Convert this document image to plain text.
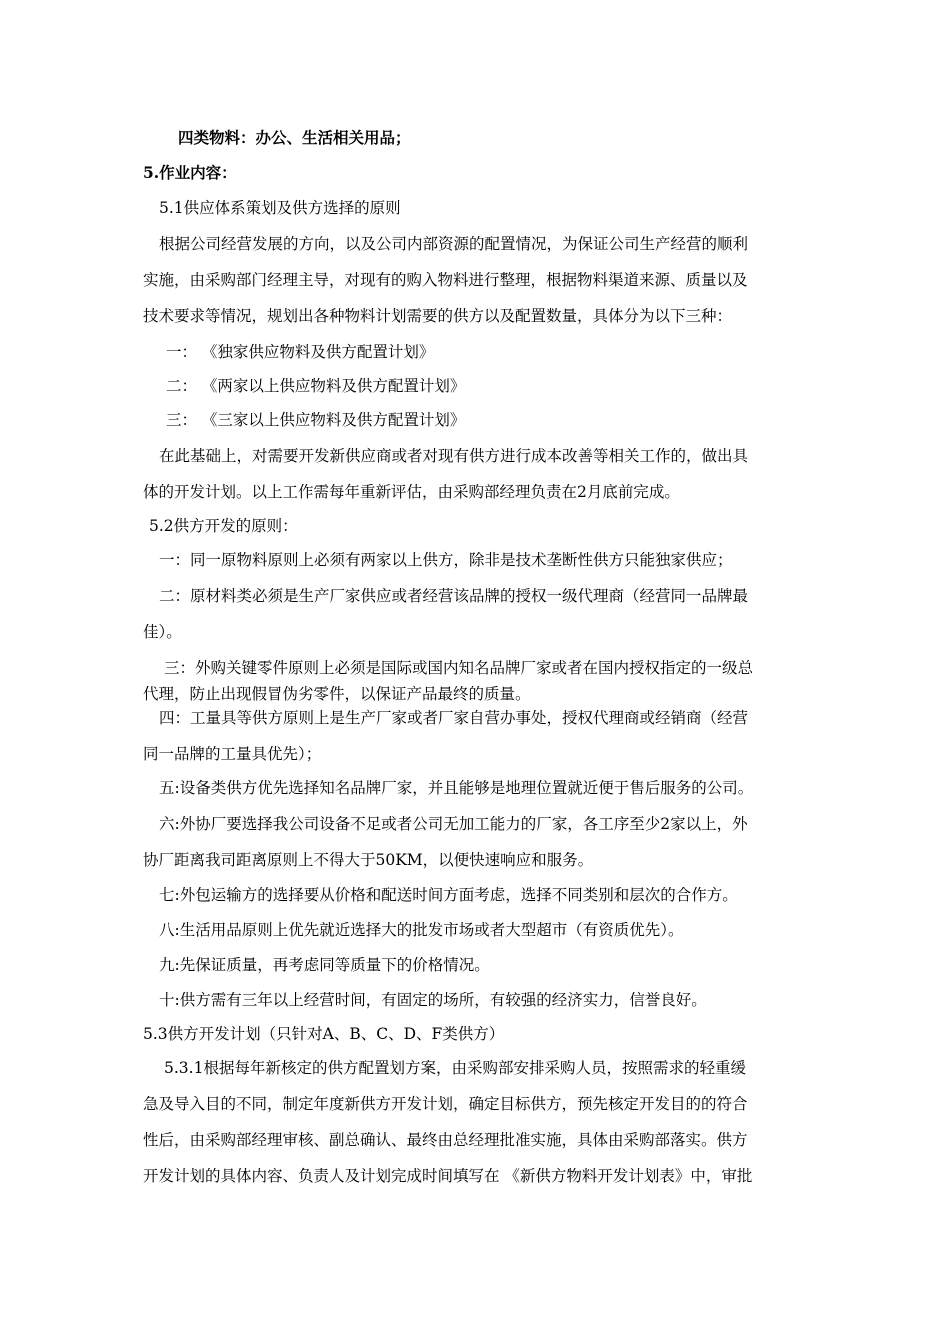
四类物料：办公、生活相关用品；
5.作业内容：
5.1供应体系策划及供方选择的原则
根据公司经营发展的方向，以及公司内部资源的配置情况，为保证公司生产经营的顺利
实施，由采购部门经理主导，对现有的购入物料进行整理，根据物料渠道来源、质量以及
技术要求等情况，规划出各种物料计划需要的供方以及配置数量，具体分为以下三种：
一： 《独家供应物料及供方配置计划》
二： 《两家以上供应物料及供方配置计划》
三： 《三家以上供应物料及供方配置计划》
在此基础上，对需要开发新供应商或者对现有供方进行成本改善等相关工作的，做出具
体的开发计划。以上工作需每年重新评估，由采购部经理负责在2月底前完成。
5.2供方开发的原则：
一：同一原物料原则上必须有两家以上供方，除非是技术垄断性供方只能独家供应；
二：原材料类必须是生产厂家供应或者经营该品牌的授权一级代理商（经营同一品牌最
佳）。
三：外购关键零件原则上必须是国际或国内知名品牌厂家或者在国内授权指定的一级总
代理，防止出现假冒伪劣零件，以保证产品最终的质量。
四：工量具等供方原则上是生产厂家或者厂家自营办事处，授权代理商或经销商（经营
同一品牌的工量具优先）；
五:设备类供方优先选择知名品牌厂家，并且能够是地理位置就近便于售后服务的公司。
六:外协厂要选择我公司设备不足或者公司无加工能力的厂家，各工序至少2家以上，外
协厂距离我司距离原则上不得大于50KM，以便快速响应和服务。
七:外包运输方的选择要从价格和配送时间方面考虑，选择不同类别和层次的合作方。
八:生活用品原则上优先就近选择大的批发市场或者大型超市（有资质优先）。
九:先保证质量，再考虑同等质量下的价格情况。
十:供方需有三年以上经营时间，有固定的场所，有较强的经济实力，信誉良好。
5.3供方开发计划（只针对A、B、C、D、F类供方）
5.3.1根据每年新核定的供方配置划方案，由采购部安排采购人员，按照需求的轻重缓
急及导入目的不同，制定年度新供方开发计划，确定目标供方，预先核定开发目的的符合
性后，由采购部经理审核、副总确认、最终由总经理批准实施，具体由采购部落实。供方
开发计划的具体内容、负责人及计划完成时间填写在 《新供方物料开发计划表》中，审批
